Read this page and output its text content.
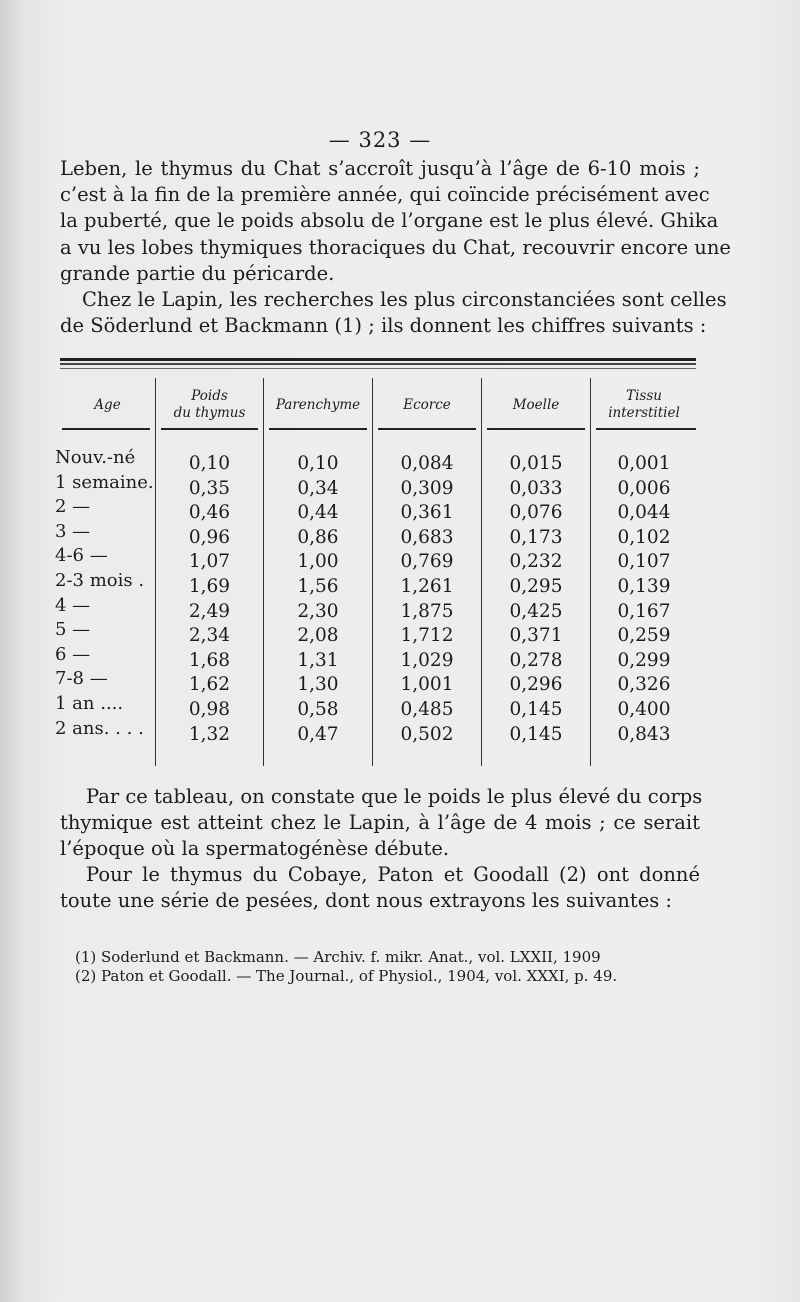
— 323 —
Leben, le thymus du Chat s’accroît jusqu’à l’âge de 6-10 mois ;
c’est à la fin de la première année, qui coïncide précisément avec
la puberté, que le poids absolu de l’organe est le plus élevé. Ghika
a vu les lobes thymiques thoraciques du Chat, recouvrir encore une
grande partie du péricarde.
Chez le Lapin, les recherches les plus circonstanciées sont celles
de Söderlund et Backmann (1) ; ils donnent les chiffres suivants :
Age
Poids
du thymus
Parenchyme	Ecorce	Moelle
Tissu
interstitiel
Nouv.-né
1 semaine.
2 —
3 —
4-6 —
2-3 mois .
4 —
5 —
6 —
7-8 —
1 an ....
2 ans. . . .
0,10
0,35
0,46
0,96
1,07
1,69
2,49
2,34
1,68
1,62
0,98
1,32
0,10
0,34
0,44
0,86
1,00
1,56
2,30
2,08
1,31
1,30
0,58
0,47
0,084
0,309
0,361
0,683
0,769
1,261
1,875
1,712
1,029
1,001
0,485
0,502
0,015
0,033
0,076
0,173
0,232
0,295
0,425
0,371
0,278
0,296
0,145
0,145
0,001
0,006
0,044
0,102
0,107
0,139
0,167
0,259
0,299
0,326
0,400
0,843
Par ce tableau, on constate que le poids le plus élevé du corps
thymique est atteint chez le Lapin, à l’âge de 4 mois ; ce serait
l’époque où la spermatogénèse débute.
Pour le thymus du Cobaye, Paton et Goodall (2) ont donné
toute une série de pesées, dont nous extrayons les suivantes :
(1) Soderlund et Backmann. — Archiv. f. mikr. Anat., vol. LXXII, 1909
(2) Paton et Goodall. — The Journal., of Physiol., 1904, vol. XXXI, p. 49.
